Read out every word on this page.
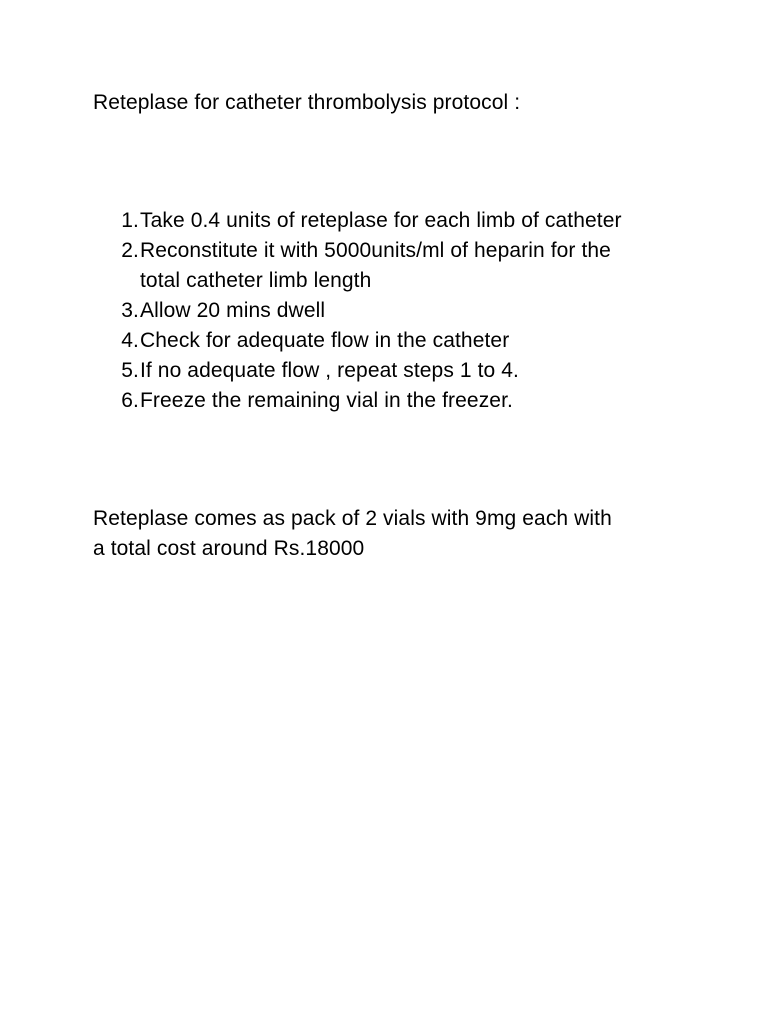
Reteplase for catheter thrombolysis protocol :
1. Take 0.4 units of reteplase for each limb of catheter
2. Reconstitute it with 5000units/ml of heparin for the total catheter limb length
3. Allow 20 mins dwell
4. Check for adequate flow in the catheter
5. If no adequate flow , repeat steps 1 to 4.
6. Freeze the remaining vial in the freezer.
Reteplase comes as pack of 2 vials with 9mg each with
a total cost around Rs.18000
